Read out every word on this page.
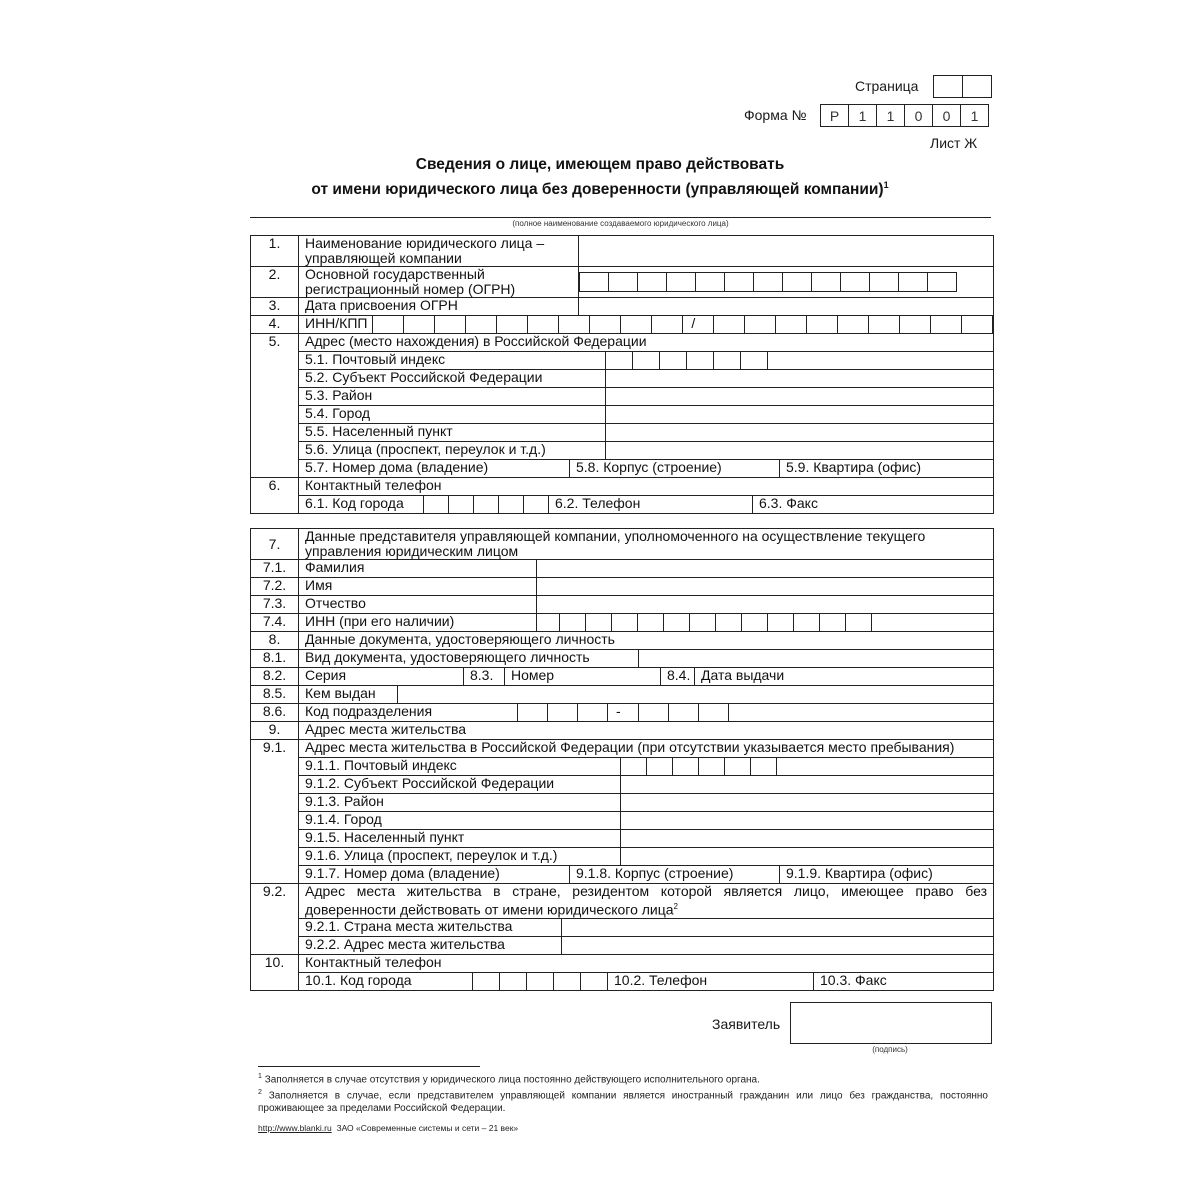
Страница
Форма №	Р	1	1	0	0	1
Лист Ж
Сведения о лице, имеющем право действовать
от имени юридического лица без доверенности (управляющей компании)$^1$
(полное наименование создаваемого юридического лица)
1.	Наименование юридического лица – управляющей компании	
2.	Основной государственный регистрационный номер (ОГРН)	

3.	Дата присвоения ОГРН	
4.	ИНН/КПП /	

5.	Адрес (место нахождения) в Российской Федерации	

	5.1. Почтовый индекс	

	5.2. Субъект Российской Федерации	

	5.3. Район	

	5.4. Город	

	5.5. Населенный пункт	

	5.6. Улица (проспект, переулок и т.д.)	

	5.7. Номер дома (владение) 5.8. Корпус (строение) 5.9. Квартира (офис)	

6.	Контактный телефон	

	6.1. Код города 6.2. Телефон 6.3. Факс	
7.	Данные представителя управляющей компании, уполномоченного на осуществление текущего управления юридическим лицом	
7.1.	Фамилия	
7.2.	Имя	
7.3.	Отчество	
7.4.	ИНН (при его наличии)	

8.	Данные документа, удостоверяющего личность	
8.1.	Вид документа, удостоверяющего личность	

8.2.	Серия 8.3. Номер 8.4. Дата выдачи	

8.5.	Кем выдан	

8.6.	Код подразделения -	

9.	Адрес места жительства	
9.1.	Адрес места жительства в Российской Федерации (при отсутствии указывается место пребывания)	

	9.1.1. Почтовый индекс	

	9.1.2. Субъект Российской Федерации	

	9.1.3. Район	

	9.1.4. Город	

	9.1.5. Населенный пункт	

	9.1.6. Улица (проспект, переулок и т.д.)	

	9.1.7. Номер дома (владение) 9.1.8. Корпус (строение) 9.1.9. Квартира (офис)	

9.2.	Адрес места жительства в стране, резидентом которой является лицо, имеющее право без доверенности действовать от имени юридического лица$^2$

	9.2.1. Страна места жительства	

	9.2.2. Адрес места жительства	

10.	Контактный телефон	

	10.1. Код города 10.2. Телефон 10.3. Факс	
Заявитель
(подпись)
$^1$ Заполняется в случае отсутствия у юридического лица постоянно действующего исполнительного органа.
$^2$ Заполняется в случае, если представителем управляющей компании является иностранный гражданин или лицо без гражданства, постоянно проживающее за пределами Российской Федерации.
http://www.blanki.ru ЗАО «Современные системы и сети – 21 век»
